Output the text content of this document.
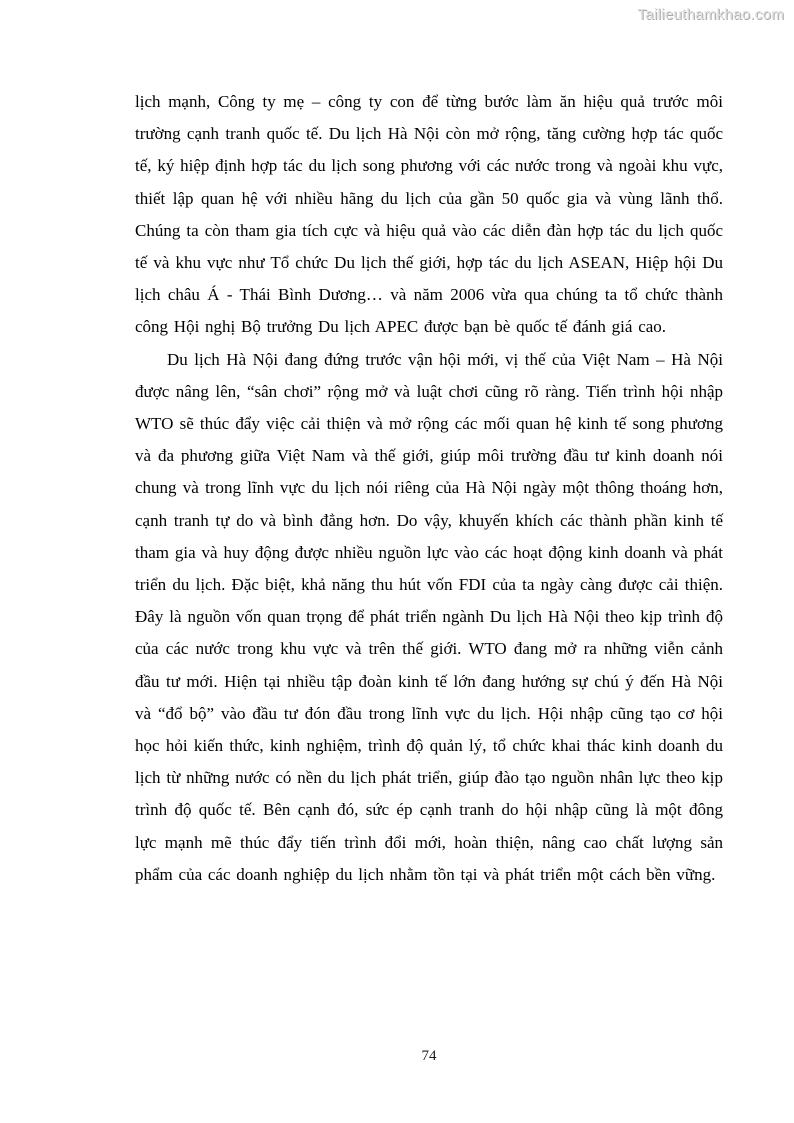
Tailieuthamkhao.com

lịch mạnh, Công ty mẹ – công ty con để từng bước làm ăn hiệu quả trước môi trường cạnh tranh quốc tế. Du lịch Hà Nội còn mở rộng, tăng cường hợp tác quốc tế, ký hiệp định hợp tác du lịch song phương với các nước trong và ngoài khu vực, thiết lập quan hệ với nhiều hãng du lịch của gần 50 quốc gia và vùng lãnh thổ. Chúng ta còn tham gia tích cực và hiệu quả vào các diễn đàn hợp tác du lịch quốc tế và khu vực như Tổ chức Du lịch thế giới, hợp tác du lịch ASEAN, Hiệp hội Du lịch châu Á - Thái Bình Dương… và năm 2006 vừa qua chúng ta tổ chức thành công Hội nghị Bộ trưởng Du lịch APEC được bạn bè quốc tế đánh giá cao.

Du lịch Hà Nội đang đứng trước vận hội mới, vị thế của Việt Nam – Hà Nội được nâng lên, “sân chơi” rộng mở và luật chơi cũng rõ ràng. Tiến trình hội nhập WTO sẽ thúc đẩy việc cải thiện và mở rộng các mối quan hệ kinh tế song phương và đa phương giữa Việt Nam và thế giới, giúp môi trường đầu tư kinh doanh nói chung và trong lĩnh vực du lịch nói riêng của Hà Nội ngày một thông thoáng hơn, cạnh tranh tự do và bình đẳng hơn. Do vậy, khuyến khích các thành phần kinh tế tham gia và huy động được nhiều nguồn lực vào các hoạt động kinh doanh và phát triển du lịch. Đặc biệt, khả năng thu hút vốn FDI của ta ngày càng được cải thiện. Đây là nguồn vốn quan trọng để phát triển ngành Du lịch Hà Nội theo kịp trình độ của các nước trong khu vực và trên thế giới. WTO đang mở ra những viễn cảnh đầu tư mới. Hiện tại nhiều tập đoàn kinh tế lớn đang hướng sự chú ý đến Hà Nội và “đổ bộ” vào đầu tư đón đầu trong lĩnh vực du lịch. Hội nhập cũng tạo cơ hội học hỏi kiến thức, kinh nghiệm, trình độ quản lý, tổ chức khai thác kinh doanh du lịch từ những nước có nền du lịch phát triển, giúp đào tạo nguồn nhân lực theo kịp trình độ quốc tế. Bên cạnh đó, sức ép cạnh tranh do hội nhập cũng là một đông lực mạnh mẽ thúc đẩy tiến trình đổi mới, hoàn thiện, nâng cao chất lượng sản phẩm của các doanh nghiệp du lịch nhằm tồn tại và phát triển một cách bền vững.

74
